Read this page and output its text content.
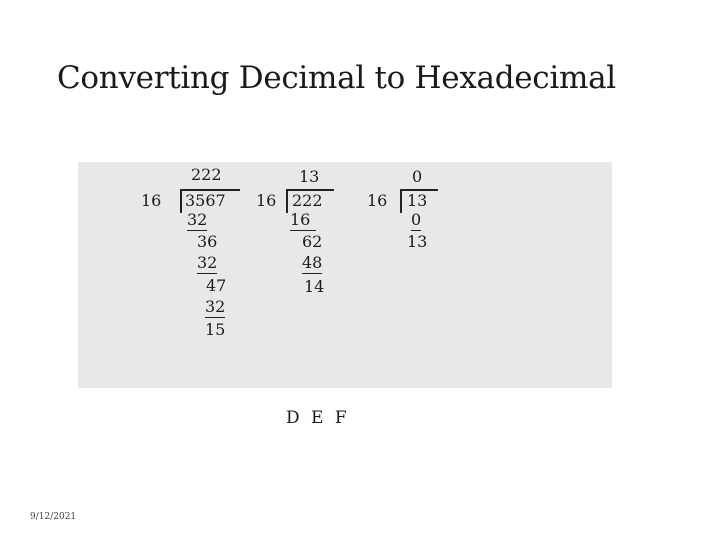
Converting Decimal to Hexadecimal
16
222
3567
32
36
32
47
32
15
16
13
222
16
62
48
14
16
0
13
0
13
D E F
9/12/2021
